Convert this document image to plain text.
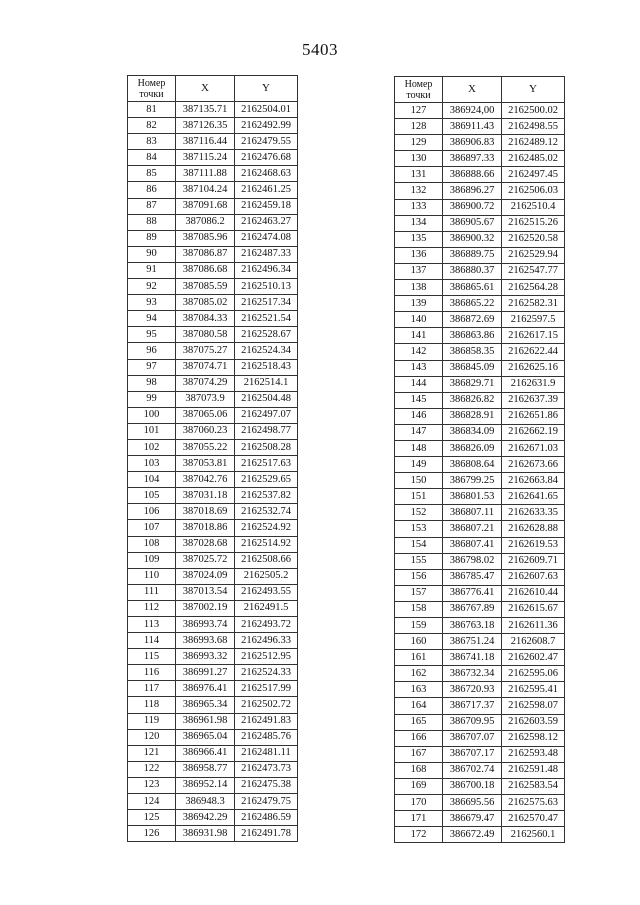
5403
Номер
точки	X	Y
81	387135.71	2162504.01
82	387126.35	2162492.99
83	387116.44	2162479.55
84	387115.24	2162476.68
85	387111.88	2162468.63
86	387104.24	2162461.25
87	387091.68	2162459.18
88	387086.2	2162463.27
89	387085.96	2162474.08
90	387086.87	2162487.33
91	387086.68	2162496.34
92	387085.59	2162510.13
93	387085.02	2162517.34
94	387084.33	2162521.54
95	387080.58	2162528.67
96	387075.27	2162524.34
97	387074.71	2162518.43
98	387074.29	2162514.1
99	387073.9	2162504.48
100	387065.06	2162497.07
101	387060.23	2162498.77
102	387055.22	2162508.28
103	387053.81	2162517.63
104	387042.76	2162529.65
105	387031.18	2162537.82
106	387018.69	2162532.74
107	387018.86	2162524.92
108	387028.68	2162514.92
109	387025.72	2162508.66
110	387024.09	2162505.2
111	387013.54	2162493.55
112	387002.19	2162491.5
113	386993.74	2162493.72
114	386993.68	2162496.33
115	386993.32	2162512.95
116	386991.27	2162524.33
117	386976.41	2162517.99
118	386965.34	2162502.72
119	386961.98	2162491.83
120	386965.04	2162485.76
121	386966.41	2162481.11
122	386958.77	2162473.73
123	386952.14	2162475.38
124	386948.3	2162479.75
125	386942.29	2162486.59
126	386931.98	2162491.78
Номер
точки	X	Y
127	386924,00	2162500.02
128	386911.43	2162498.55
129	386906.83	2162489.12
130	386897.33	2162485.02
131	386888.66	2162497.45
132	386896.27	2162506.03
133	386900.72	2162510.4
134	386905.67	2162515.26
135	386900.32	2162520.58
136	386889.75	2162529.94
137	386880.37	2162547.77
138	386865.61	2162564.28
139	386865.22	2162582.31
140	386872.69	2162597.5
141	386863.86	2162617.15
142	386858.35	2162622.44
143	386845.09	2162625.16
144	386829.71	2162631.9
145	386826.82	2162637.39
146	386828.91	2162651.86
147	386834.09	2162662.19
148	386826.09	2162671.03
149	386808.64	2162673.66
150	386799.25	2162663.84
151	386801.53	2162641.65
152	386807.11	2162633.35
153	386807.21	2162628.88
154	386807.41	2162619.53
155	386798.02	2162609.71
156	386785.47	2162607.63
157	386776.41	2162610.44
158	386767.89	2162615.67
159	386763.18	2162611.36
160	386751.24	2162608.7
161	386741.18	2162602.47
162	386732.34	2162595.06
163	386720.93	2162595.41
164	386717.37	2162598.07
165	386709.95	2162603.59
166	386707.07	2162598.12
167	386707.17	2162593.48
168	386702.74	2162591.48
169	386700.18	2162583.54
170	386695.56	2162575.63
171	386679.47	2162570.47
172	386672.49	2162560.1
